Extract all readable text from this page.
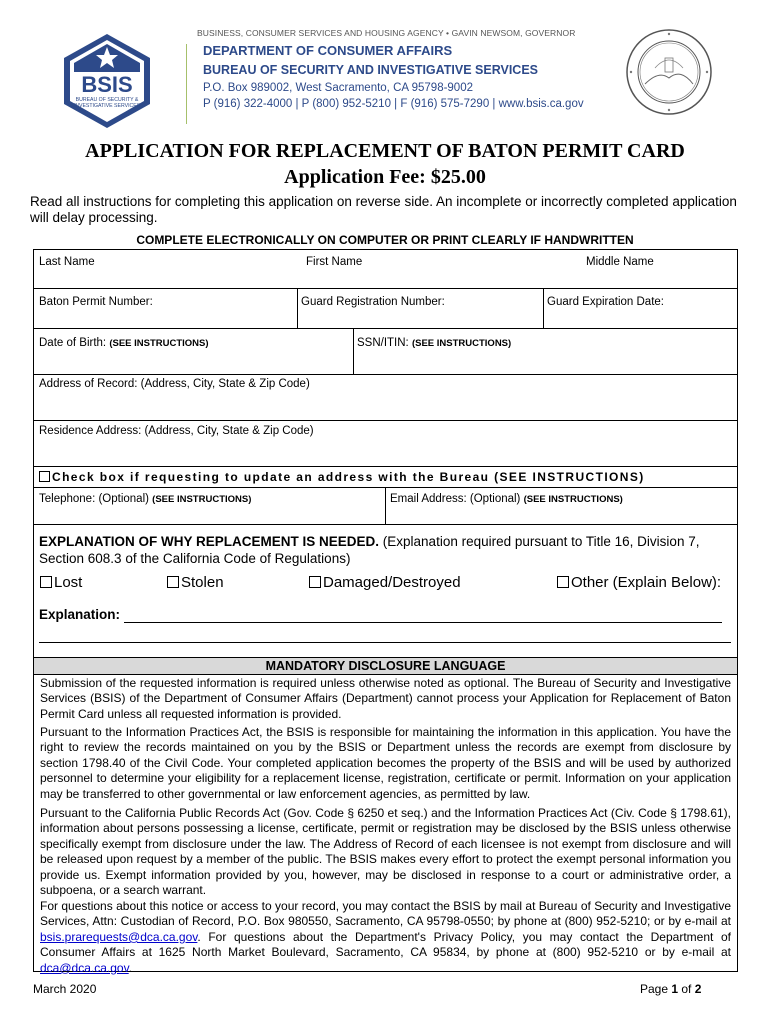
BUSINESS, CONSUMER SERVICES AND HOUSING AGENCY • GAVIN NEWSOM, GOVERNOR
BSIS
BUREAU OF SECURITY &
INVESTIGATIVE SERVICES
DEPARTMENT OF CONSUMER AFFAIRS
BUREAU OF SECURITY AND INVESTIGATIVE SERVICES
P.O. Box 989002, West Sacramento, CA 95798-9002
P (916) 322-4000 | P (800) 952-5210 | F (916) 575-7290 | www.bsis.ca.gov
APPLICATION FOR REPLACEMENT OF BATON PERMIT CARD
Application Fee: $25.00
Read all instructions for completing this application on reverse side. An incomplete or incorrectly completed application will delay processing.
COMPLETE ELECTRONICALLY ON COMPUTER OR PRINT CLEARLY IF HANDWRITTEN
Last Name	First Name	Middle Name
Baton Permit Number:	Guard Registration Number:	Guard Expiration Date:
Date of Birth: (SEE INSTRUCTIONS)	SSN/ITIN: (SEE INSTRUCTIONS)
Address of Record: (Address, City, State & Zip Code)
Residence Address: (Address, City, State & Zip Code)
Check box if requesting to update an address with the Bureau (SEE INSTRUCTIONS)
Telephone: (Optional) (SEE INSTRUCTIONS)	Email Address: (Optional) (SEE INSTRUCTIONS)
EXPLANATION OF WHY REPLACEMENT IS NEEDED. (Explanation required pursuant to Title 16, Division 7, Section 608.3 of the California Code of Regulations)
Lost	Stolen	Damaged/Destroyed	Other (Explain Below):
Explanation:
MANDATORY DISCLOSURE LANGUAGE
Submission of the requested information is required unless otherwise noted as optional. The Bureau of Security and Investigative Services (BSIS) of the Department of Consumer Affairs (Department) cannot process your Application for Replacement of Baton Permit Card unless all requested information is provided.
Pursuant to the Information Practices Act, the BSIS is responsible for maintaining the information in this application. You have the right to review the records maintained on you by the BSIS or Department unless the records are exempt from disclosure by section 1798.40 of the Civil Code. Your completed application becomes the property of the BSIS and will be used by authorized personnel to determine your eligibility for a replacement license, registration, certificate or permit. Information on your application may be transferred to other governmental or law enforcement agencies, as permitted by law.
Pursuant to the California Public Records Act (Gov. Code § 6250 et seq.) and the Information Practices Act (Civ. Code § 1798.61), information about persons possessing a license, certificate, permit or registration may be disclosed by the BSIS unless otherwise specifically exempt from disclosure under the law. The Address of Record of each licensee is not exempt from disclosure and will be released upon request by a member of the public. The BSIS makes every effort to protect the exempt personal information you provide us. Exempt information provided by you, however, may be disclosed in response to a court or administrative order, a subpoena, or a search warrant.
For questions about this notice or access to your record, you may contact the BSIS by mail at Bureau of Security and Investigative Services, Attn: Custodian of Record, P.O. Box 980550, Sacramento, CA 95798-0550; by phone at (800) 952-5210; or by e-mail at bsis.prarequests@dca.ca.gov. For questions about the Department's Privacy Policy, you may contact the Department of Consumer Affairs at 1625 North Market Boulevard, Sacramento, CA 95834, by phone at (800) 952-5210 or by e-mail at dca@dca.ca.gov.
March 2020	Page 1 of 2
